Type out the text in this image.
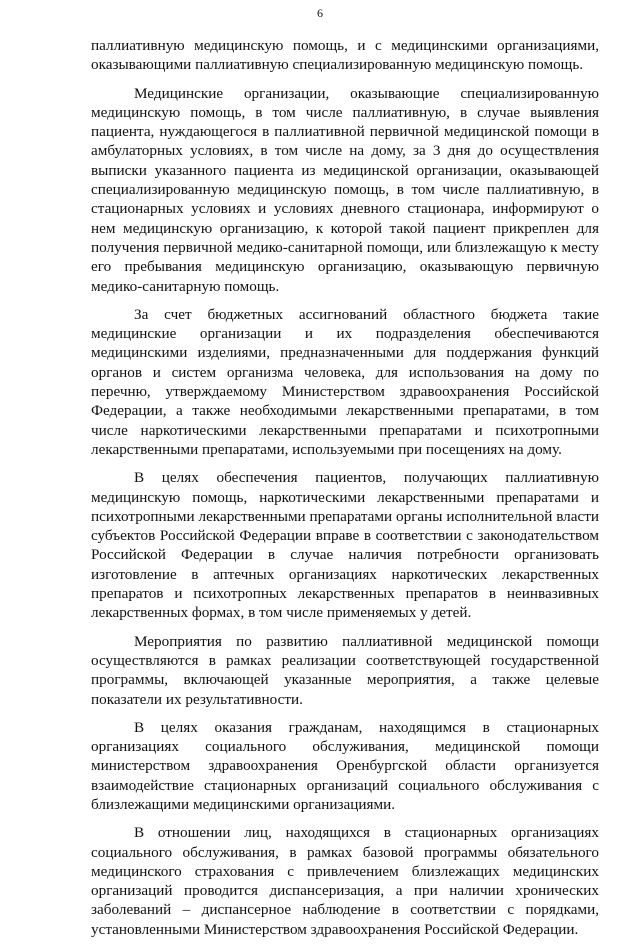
6

паллиативную медицинскую помощь, и с медицинскими организациями, оказывающими паллиативную специализированную медицинскую помощь.

Медицинские организации, оказывающие специализированную медицинскую помощь, в том числе паллиативную, в случае выявления пациента, нуждающегося в паллиативной первичной медицинской помощи в амбулаторных условиях, в том числе на дому, за 3 дня до осуществления выписки указанного пациента из медицинской организации, оказывающей специализированную медицинскую помощь, в том числе паллиативную, в стационарных условиях и условиях дневного стационара, информируют о нем медицинскую организацию, к которой такой пациент прикреплен для получения первичной медико-санитарной помощи, или близлежащую к месту его пребывания медицинскую организацию, оказывающую первичную медико-санитарную помощь.

За счет бюджетных ассигнований областного бюджета такие медицинские организации и их подразделения обеспечиваются медицинскими изделиями, предназначенными для поддержания функций органов и систем организма человека, для использования на дому по перечню, утверждаемому Министерством здравоохранения Российской Федерации, а также необходимыми лекарственными препаратами, в том числе наркотическими лекарственными препаратами и психотропными лекарственными препаратами, используемыми при посещениях на дому.

В целях обеспечения пациентов, получающих паллиативную медицинскую помощь, наркотическими лекарственными препаратами и психотропными лекарственными препаратами органы исполнительной власти субъектов Российской Федерации вправе в соответствии с законодательством Российской Федерации в случае наличия потребности организовать изготовление в аптечных организациях наркотических лекарственных препаратов и психотропных лекарственных препаратов в неинвазивных лекарственных формах, в том числе применяемых у детей.

Мероприятия по развитию паллиативной медицинской помощи осуществляются в рамках реализации соответствующей государственной программы, включающей указанные мероприятия, а также целевые показатели их результативности.

В целях оказания гражданам, находящимся в стационарных организациях социального обслуживания, медицинской помощи министерством здравоохранения Оренбургской области организуется взаимодействие стационарных организаций социального обслуживания с близлежащими медицинскими организациями.

В отношении лиц, находящихся в стационарных организациях социального обслуживания, в рамках базовой программы обязательного медицинского страхования с привлечением близлежащих медицинских организаций проводится диспансеризация, а при наличии хронических заболеваний – диспансерное наблюдение в соответствии с порядками, установленными Министерством здравоохранения Российской Федерации.
